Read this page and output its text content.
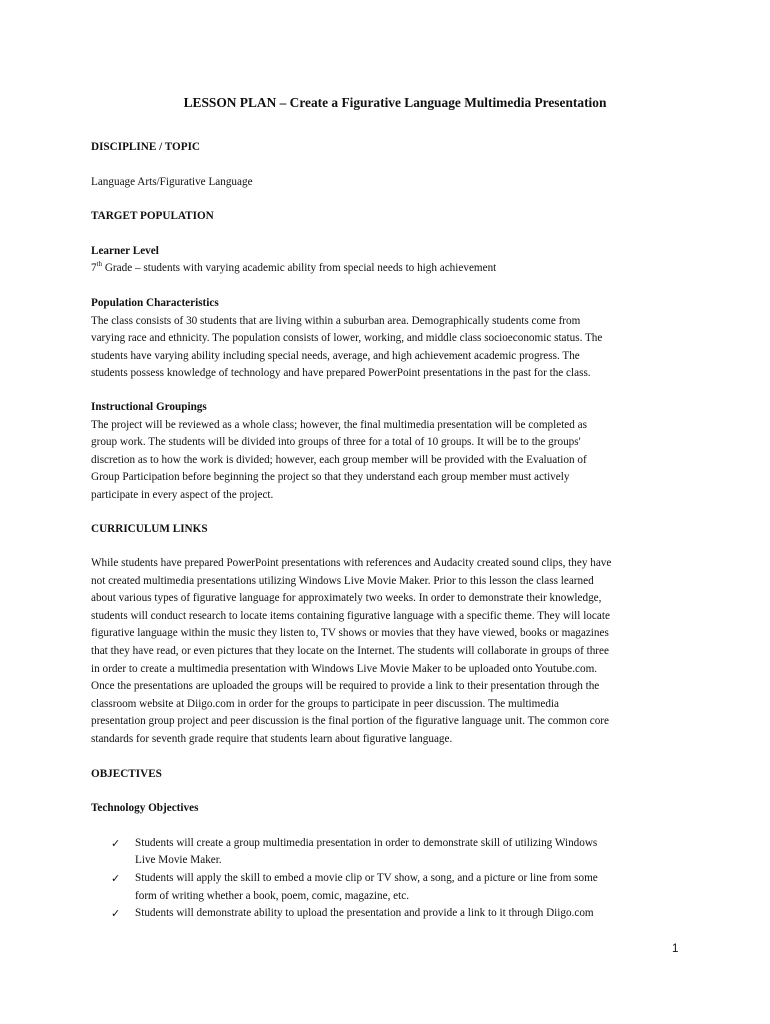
LESSON PLAN – Create a Figurative Language Multimedia Presentation
DISCIPLINE / TOPIC
Language Arts/Figurative Language
TARGET POPULATION
Learner Level
7th Grade – students with varying academic ability from special needs to high achievement
Population Characteristics
The class consists of 30 students that are living within a suburban area. Demographically students come from
varying race and ethnicity. The population consists of lower, working, and middle class socioeconomic status. The
students have varying ability including special needs, average, and high achievement academic progress. The
students possess knowledge of technology and have prepared PowerPoint presentations in the past for the class.
Instructional Groupings
The project will be reviewed as a whole class; however, the final multimedia presentation will be completed as
group work. The students will be divided into groups of three for a total of 10 groups. It will be to the groups'
discretion as to how the work is divided; however, each group member will be provided with the Evaluation of
Group Participation before beginning the project so that they understand each group member must actively
participate in every aspect of the project.
CURRICULUM LINKS
While students have prepared PowerPoint presentations with references and Audacity created sound clips, they have
not created multimedia presentations utilizing Windows Live Movie Maker. Prior to this lesson the class learned
about various types of figurative language for approximately two weeks. In order to demonstrate their knowledge,
students will conduct research to locate items containing figurative language with a specific theme. They will locate
figurative language within the music they listen to, TV shows or movies that they have viewed, books or magazines
that they have read, or even pictures that they locate on the Internet. The students will collaborate in groups of three
in order to create a multimedia presentation with Windows Live Movie Maker to be uploaded onto Youtube.com.
Once the presentations are uploaded the groups will be required to provide a link to their presentation through the
classroom website at Diigo.com in order for the groups to participate in peer discussion. The multimedia
presentation group project and peer discussion is the final portion of the figurative language unit. The common core
standards for seventh grade require that students learn about figurative language.
OBJECTIVES
Technology Objectives
✓ Students will create a group multimedia presentation in order to demonstrate skill of utilizing Windows
Live Movie Maker.
✓ Students will apply the skill to embed a movie clip or TV show, a song, and a picture or line from some
form of writing whether a book, poem, comic, magazine, etc.
✓ Students will demonstrate ability to upload the presentation and provide a link to it through Diigo.com
1
